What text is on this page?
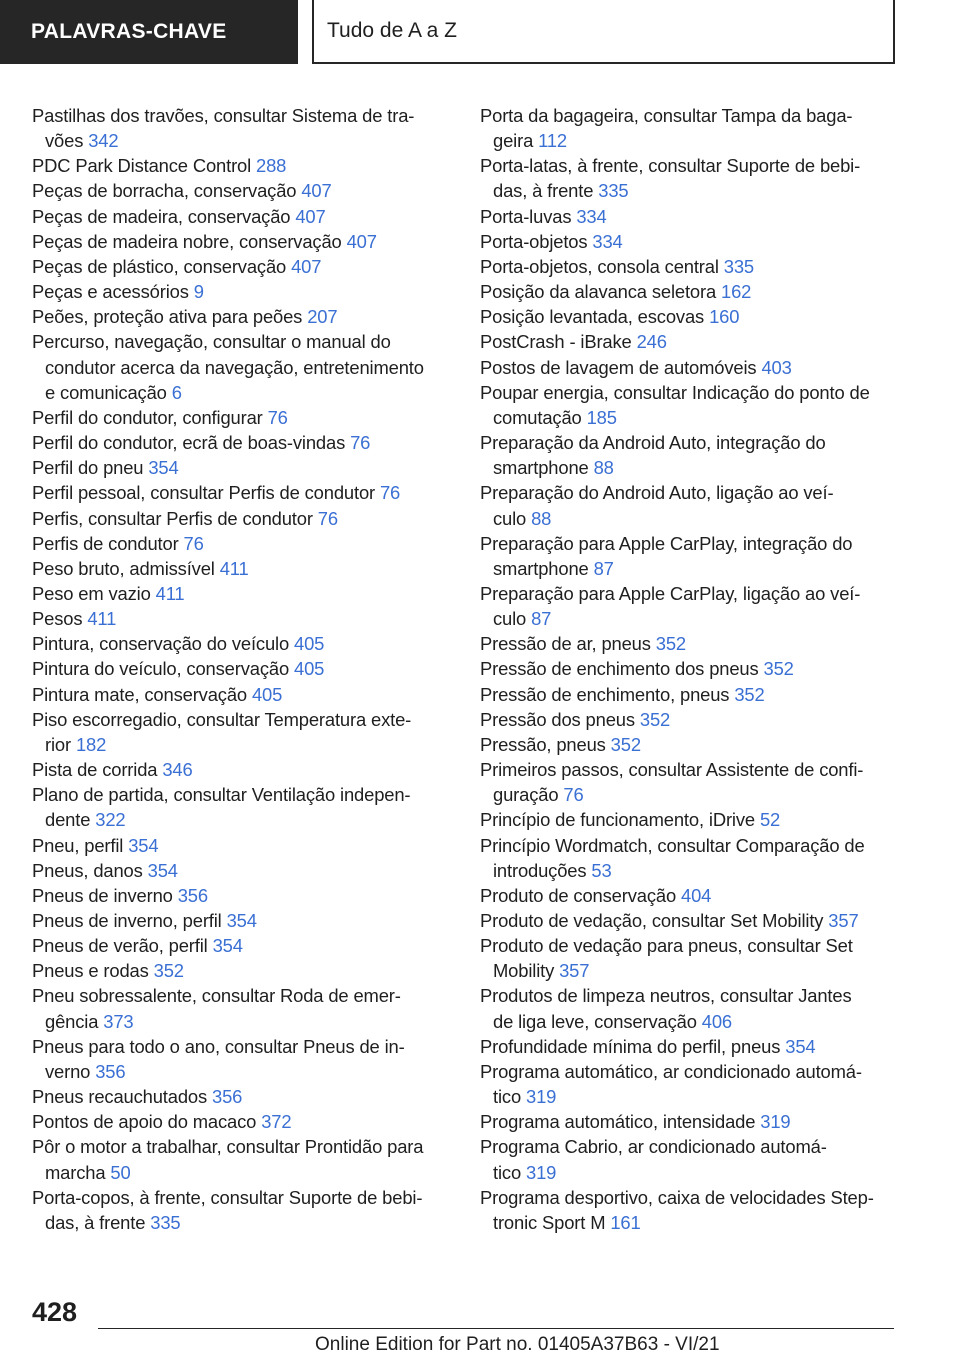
PALAVRAS-CHAVE	Tudo de A a Z
Pastilhas dos travões, consultar Sistema de tra-
vões 342
PDC Park Distance Control 288
Peças de borracha, conservação 407
Peças de madeira, conservação 407
Peças de madeira nobre, conservação 407
Peças de plástico, conservação 407
Peças e acessórios 9
Peões, proteção ativa para peões 207
Percurso, navegação, consultar o manual do
condutor acerca da navegação, entretenimento
e comunicação 6
Perfil do condutor, configurar 76
Perfil do condutor, ecrã de boas-vindas 76
Perfil do pneu 354
Perfil pessoal, consultar Perfis de condutor 76
Perfis, consultar Perfis de condutor 76
Perfis de condutor 76
Peso bruto, admissível 411
Peso em vazio 411
Pesos 411
Pintura, conservação do veículo 405
Pintura do veículo, conservação 405
Pintura mate, conservação 405
Piso escorregadio, consultar Temperatura exte-
rior 182
Pista de corrida 346
Plano de partida, consultar Ventilação indepen-
dente 322
Pneu, perfil 354
Pneus, danos 354
Pneus de inverno 356
Pneus de inverno, perfil 354
Pneus de verão, perfil 354
Pneus e rodas 352
Pneu sobressalente, consultar Roda de emer-
gência 373
Pneus para todo o ano, consultar Pneus de in-
verno 356
Pneus recauchutados 356
Pontos de apoio do macaco 372
Pôr o motor a trabalhar, consultar Prontidão para
marcha 50
Porta-copos, à frente, consultar Suporte de bebi-
das, à frente 335
Porta da bagageira, consultar Tampa da baga-
geira 112
Porta-latas, à frente, consultar Suporte de bebi-
das, à frente 335
Porta-luvas 334
Porta-objetos 334
Porta-objetos, consola central 335
Posição da alavanca seletora 162
Posição levantada, escovas 160
PostCrash - iBrake 246
Postos de lavagem de automóveis 403
Poupar energia, consultar Indicação do ponto de
comutação 185
Preparação da Android Auto, integração do
smartphone 88
Preparação do Android Auto, ligação ao veí-
culo 88
Preparação para Apple CarPlay, integração do
smartphone 87
Preparação para Apple CarPlay, ligação ao veí-
culo 87
Pressão de ar, pneus 352
Pressão de enchimento dos pneus 352
Pressão de enchimento, pneus 352
Pressão dos pneus 352
Pressão, pneus 352
Primeiros passos, consultar Assistente de confi-
guração 76
Princípio de funcionamento, iDrive 52
Princípio Wordmatch, consultar Comparação de
introduções 53
Produto de conservação 404
Produto de vedação, consultar Set Mobility 357
Produto de vedação para pneus, consultar Set
Mobility 357
Produtos de limpeza neutros, consultar Jantes
de liga leve, conservação 406
Profundidade mínima do perfil, pneus 354
Programa automático, ar condicionado automá-
tico 319
Programa automático, intensidade 319
Programa Cabrio, ar condicionado automá-
tico 319
Programa desportivo, caixa de velocidades Step-
tronic Sport M 161
428
Online Edition for Part no. 01405A37B63 - VI/21
